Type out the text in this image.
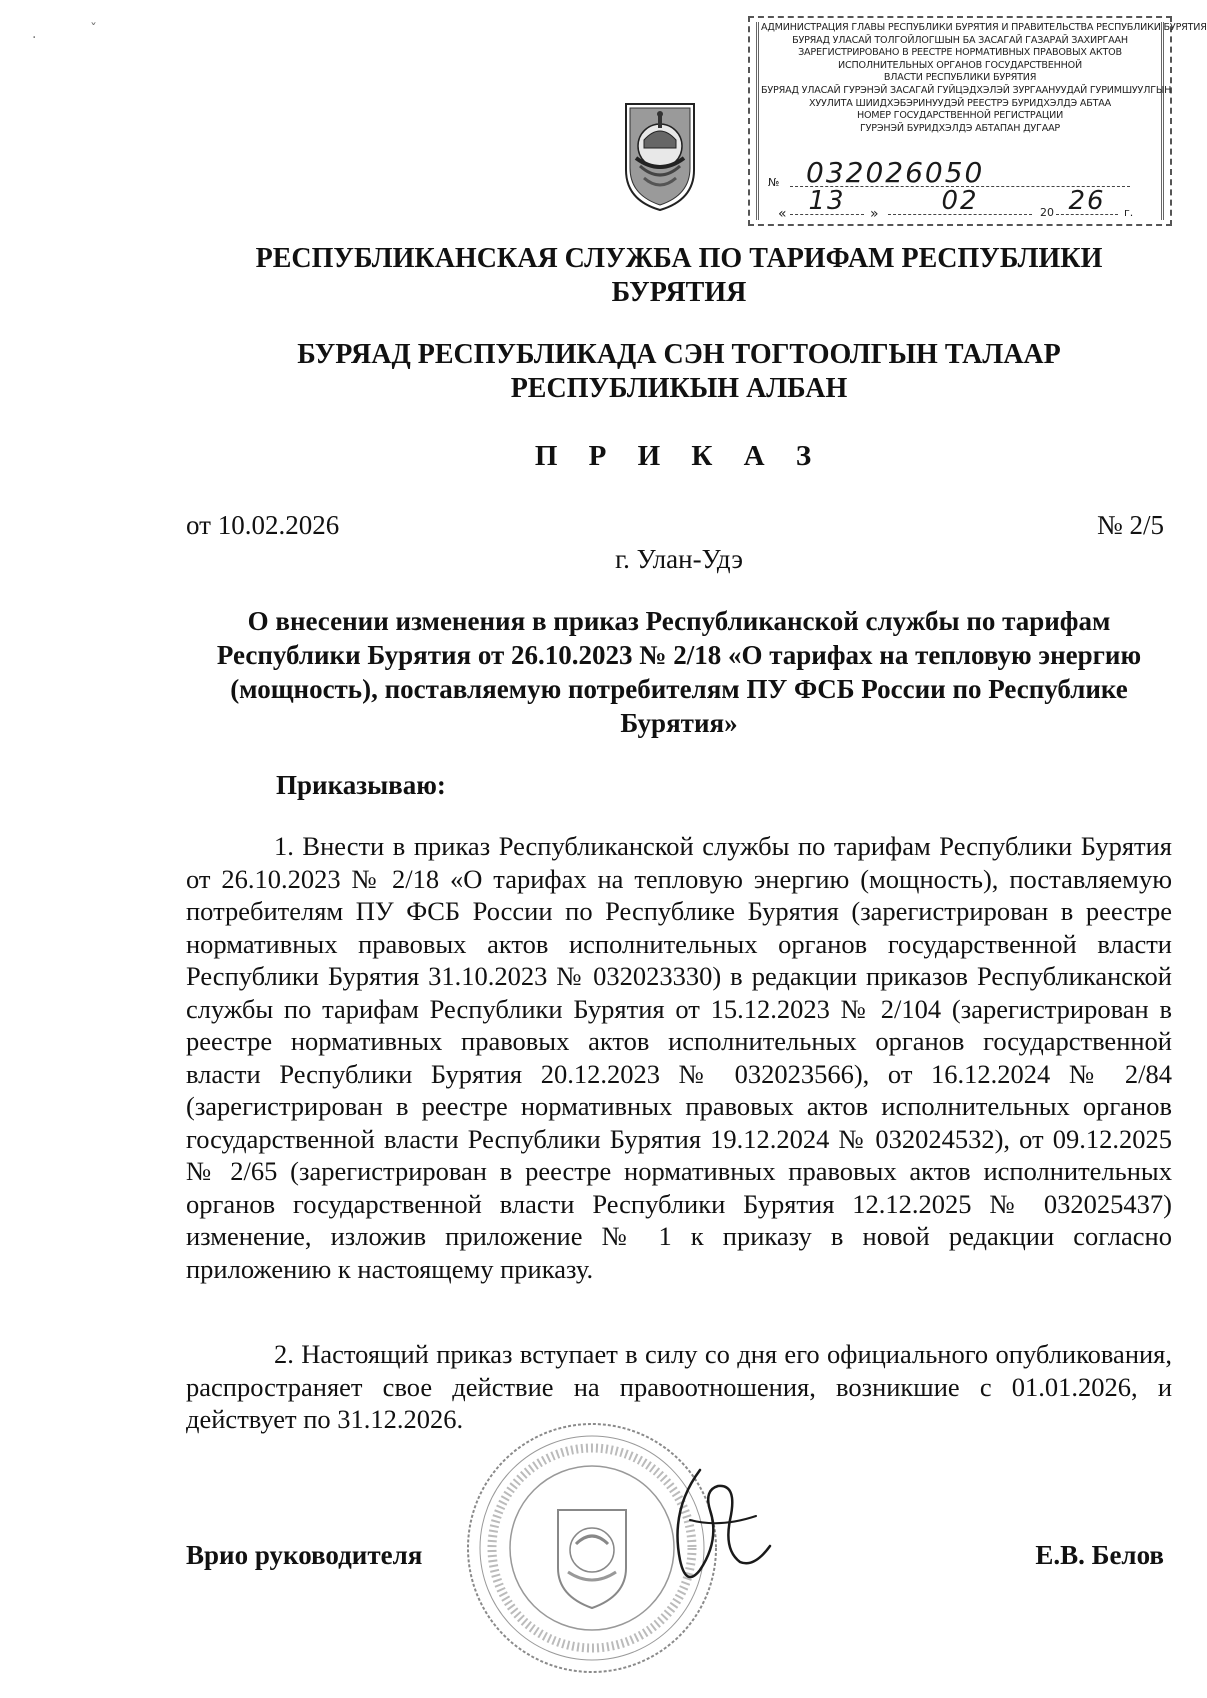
·	ˇ	АДМИНИСТРАЦИЯ ГЛАВЫ РЕСПУБЛИКИ БУРЯТИЯ И ПРАВИТЕЛЬСТВА РЕСПУБЛИКИ БУРЯТИЯ
БУРЯАД УЛАСАЙ ТОЛГОЙЛОГШЫН БА ЗАСАГАЙ ГАЗАРАЙ ЗАХИРГААН
ЗАРЕГИСТРИРОВАНО В РЕЕСТРЕ НОРМАТИВНЫХ ПРАВОВЫХ АКТОВ
ИСПОЛНИТЕЛЬНЫХ ОРГАНОВ ГОСУДАРСТВЕННОЙ
ВЛАСТИ РЕСПУБЛИКИ БУРЯТИЯ
БУРЯАД УЛАСАЙ ГУРЭНЭЙ ЗАСАГАЙ ГУЙЦЭДХЭЛЭЙ ЗУРГААНУУДАЙ ГУРИМШУУЛГЫН
ХУУЛИТА ШИИДХЭБЭРИНУУДЭЙ РЕЕСТРЭ БУРИДХЭЛДЭ АБТАА
НОМЕР ГОСУДАРСТВЕННОЙ РЕГИСТРАЦИИ
ГУРЭНЭЙ БУРИДХЭЛДЭ АБТАПАН ДУГААР
№ 032026050
« 13	»	02	20 26	г.
РЕСПУБЛИКАНСКАЯ СЛУЖБА ПО ТАРИФАМ РЕСПУБЛИКИ БУРЯТИЯ
БУРЯАД РЕСПУБЛИКАДА СЭН ТОГТООЛГЫН ТАЛААР РЕСПУБЛИКЫН АЛБАН
П Р И К А З
от 10.02.2026	№ 2/5
г. Улан-Удэ
О внесении изменения в приказ Республиканской службы по тарифам Республики Бурятия от 26.10.2023 № 2/18 «О тарифах на тепловую энергию (мощность), поставляемую потребителям ПУ ФСБ России по Республике Бурятия»
Приказываю:
1. Внести в приказ Республиканской службы по тарифам Республики Бурятия от 26.10.2023 № 2/18 «О тарифах на тепловую энергию (мощность), поставляемую потребителям ПУ ФСБ России по Республике Бурятия (зарегистрирован в реестре нормативных правовых актов исполнительных органов государственной власти Республики Бурятия 31.10.2023 № 032023330) в редакции приказов Республиканской службы по тарифам Республики Бурятия от 15.12.2023 № 2/104 (зарегистрирован в реестре нормативных правовых актов исполнительных органов государственной власти Республики Бурятия 20.12.2023 № 032023566), от 16.12.2024 № 2/84 (зарегистрирован в реестре нормативных правовых актов исполнительных органов государственной власти Республики Бурятия 19.12.2024 № 032024532), от 09.12.2025 № 2/65 (зарегистрирован в реестре нормативных правовых актов исполнительных органов государственной власти Республики Бурятия 12.12.2025 № 032025437) изменение, изложив приложение № 1 к приказу в новой редакции согласно приложению к настоящему приказу.
2. Настоящий приказ вступает в силу со дня его официального опубликования, распространяет свое действие на правоотношения, возникшие с 01.01.2026, и действует по 31.12.2026.
Врио руководителя	Е.В. Белов
